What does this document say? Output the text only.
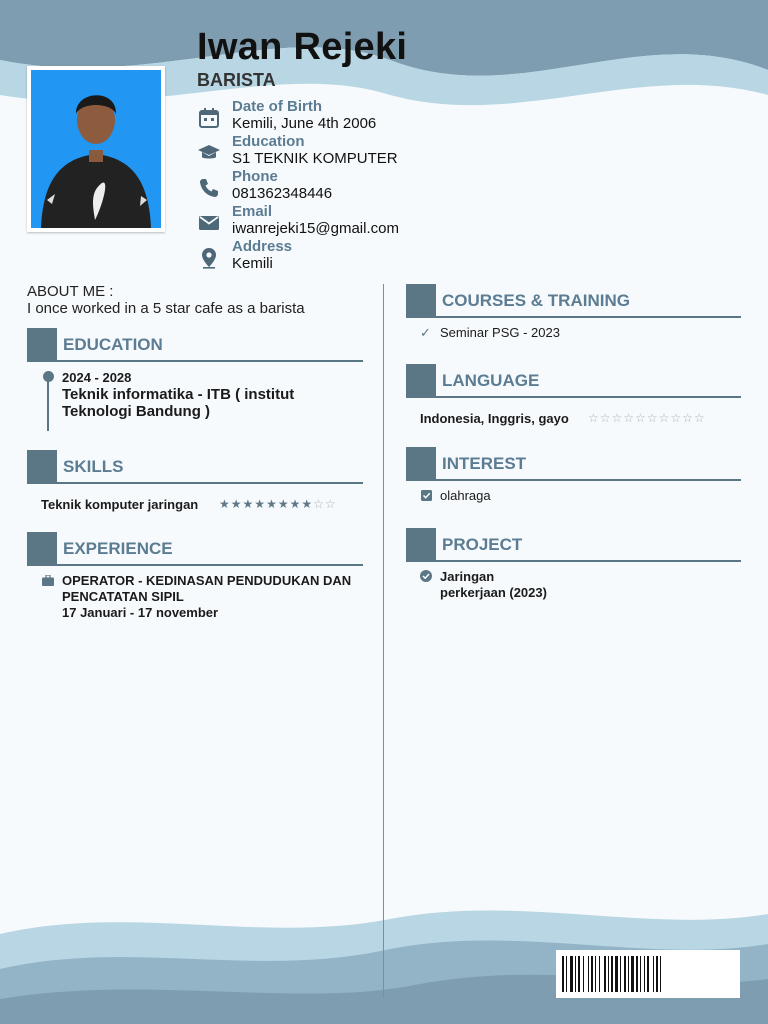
Iwan Rejeki
BARISTA
Date of Birth
Kemili, June 4th 2006
Education
S1 TEKNIK KOMPUTER
Phone
081362348446
Email
iwanrejeki15@gmail.com
Address
Kemili
ABOUT ME :
I once worked in a 5 star cafe as a barista
EDUCATION
2024 - 2028
Teknik informatika - ITB ( institut
Teknologi Bandung )
SKILLS
Teknik komputer jaringan ★★★★★★★★☆☆
EXPERIENCE
OPERATOR - KEDINASAN PENDUDUKAN DAN
PENCATATAN SIPIL
17 Januari - 17 november
COURSES & TRAINING
✓ Seminar PSG - 2023
LANGUAGE
Indonesia, Inggris, gayo ☆☆☆☆☆☆☆☆☆☆
INTEREST
olahraga
PROJECT
Jaringan
perkerjaan (2023)
